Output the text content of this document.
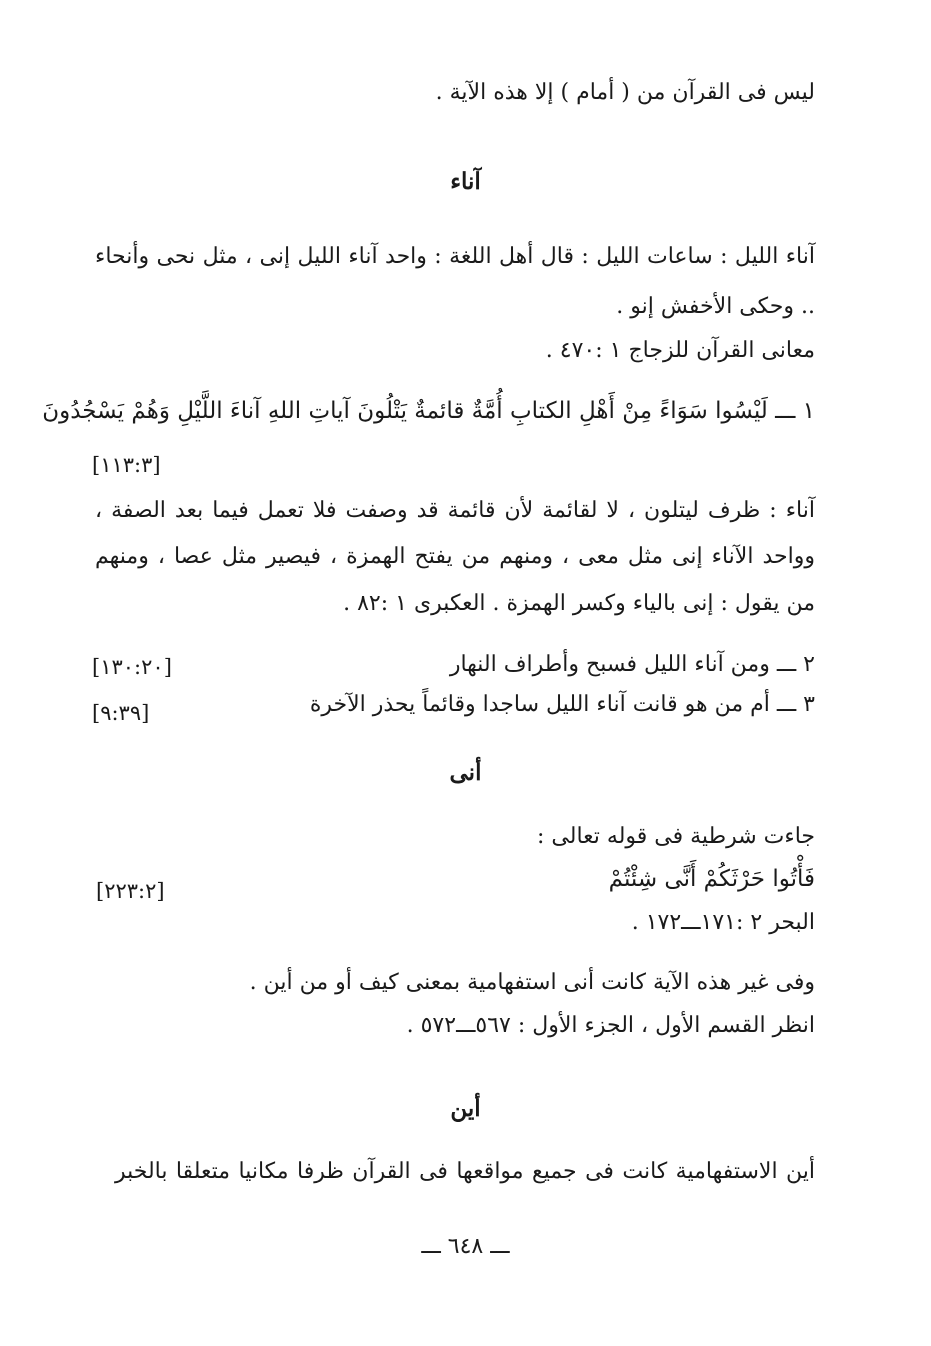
ليس فى القرآن من ( أمام ) إلا هذه الآية .
آناء
آناء الليل : ساعات الليل : قال أهل اللغة : واحد آناء الليل إنى ، مثل نحى وأنحاء
.. وحكى الأخفش إنو .
معانى القرآن للزجاج ١ :٤٧٠ .
١ ـــ لَيْسُوا سَوَاءً مِنْ أَهْلِ الكتابِ أُمَّةٌ قائمةٌ يَتْلُونَ آياتِ اللهِ آناءَ اللَّيْلِ وَهُمْ يَسْجُدُونَ
[١١٣:٣]
آناء : ظرف ليتلون ، لا لقائمة لأن قائمة قد وصفت فلا تعمل فيما بعد الصفة ،
وواحد الآناء إنى مثل معى ، ومنهم من يفتح الهمزة ، فيصير مثل عصا ، ومنهم
من يقول : إنى بالياء وكسر الهمزة . العكبرى ١ :٨٢ .
٢ ـــ ومن آناء الليل فسبح وأطراف النهار
[١٣٠:٢٠]
٣ ـــ أم من هو قانت آناء الليل ساجدا وقائماً يحذر الآخرة
[٩:٣٩]
أنى
جاءت شرطية فى قوله تعالى :
فَأْتُوا حَرْثَكُمْ أَنَّى شِئْتُمْ
[٢٢٣:٢]
البحر ٢ :١٧١ـــ١٧٢ .
وفى غير هذه الآية كانت أنى استفهامية بمعنى كيف أو من أين .
انظر القسم الأول ، الجزء الأول : ٥٦٧ـــ٥٧٢ .
أين
أين الاستفهامية كانت فى جميع مواقعها فى القرآن ظرفا مكانيا متعلقا بالخبر
ـــ ٦٤٨ ـــ
